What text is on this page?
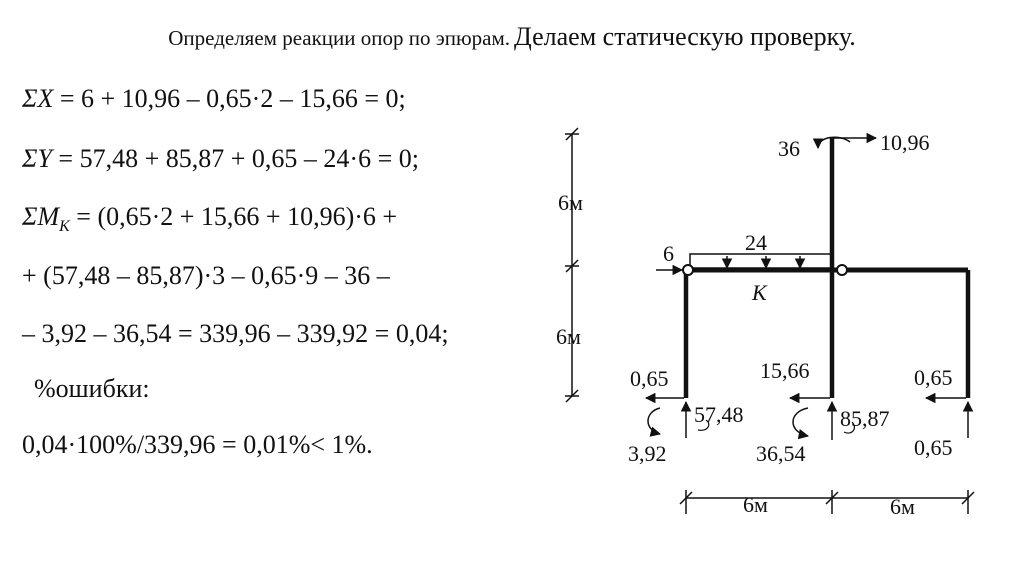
Определяем реакции опор по эпюрам. Делаем статическую проверку.
ΣX = 6 + 10,96 – 0,65·2 – 15,66 = 0;
ΣY = 57,48 + 85,87 + 0,65 – 24·6 = 0;
$\Sigma M_K = (0,65\cdot 2 + 15,66 + 10,96)\cdot 6$ +
+ (57,48 – 85,87)·3 – 0,65·9 – 36 –
– 3,92 – 36,54 = 339,96 – 339,92 = 0,04;
%ошибки:
0,04·100%/339,96 = 0,01%< 1%.
6м
6м
24
6
K
36	10,96
0,65
57,48
3,92
15,66
85,87
36,54
0,65
0,65
6м	6м
